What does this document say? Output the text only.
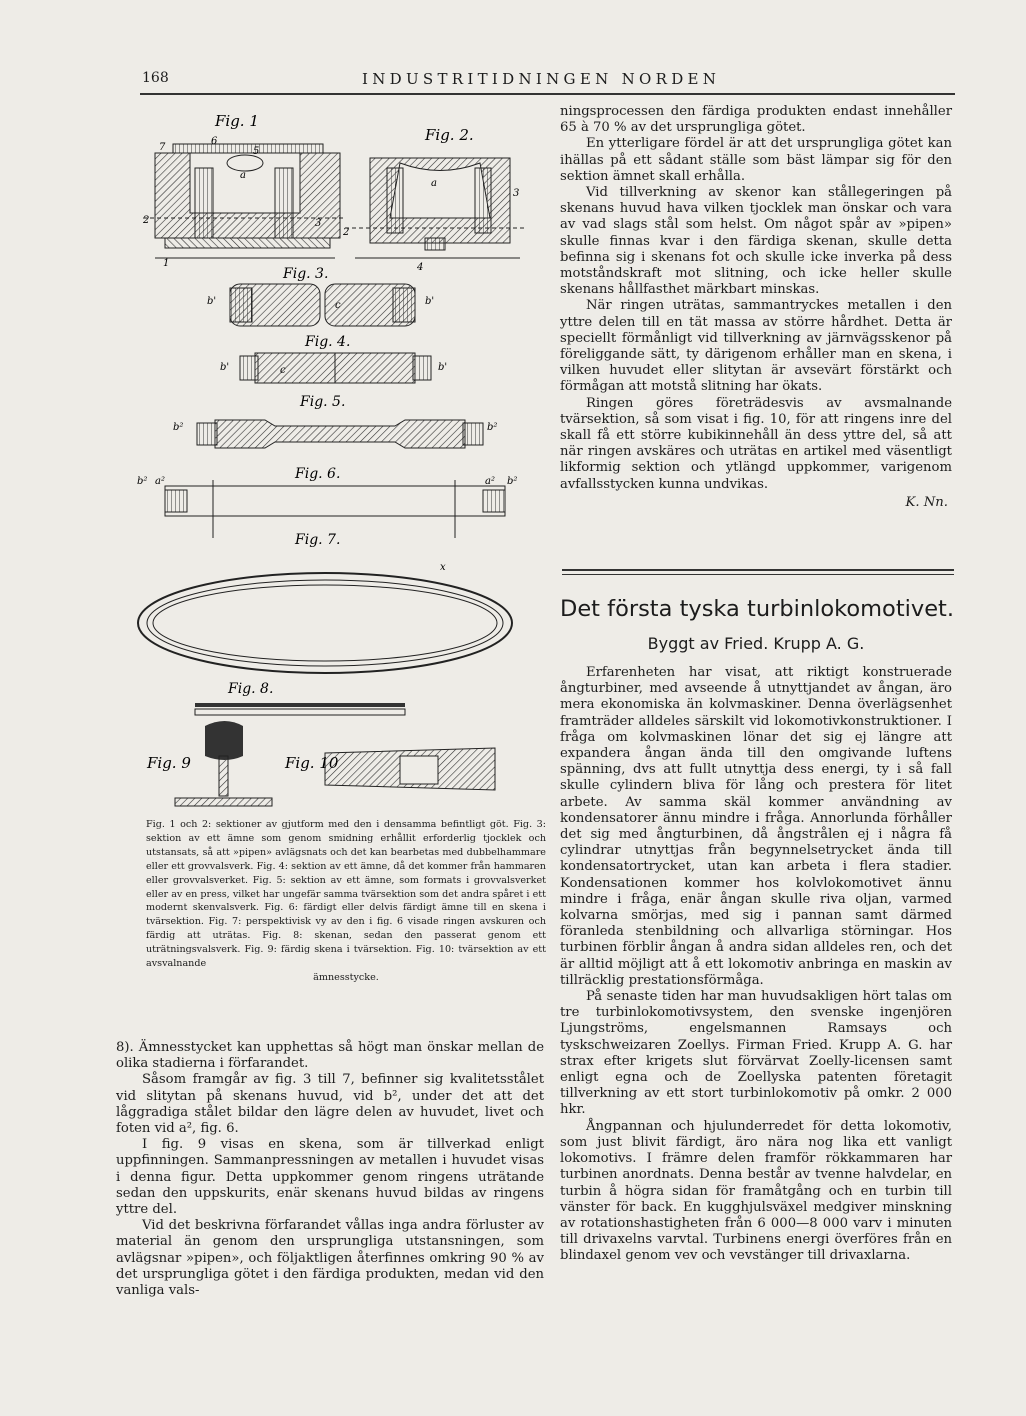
168	INDUSTRITIDNINGEN NORDEN
Fig. 1
7
6
5
a
2
1
3
Fig. 2.
a
3
2
4
Fig. 3.
b'	b'
c
Fig. 4.
c
b'	b'
Fig. 5.
b²	b²
Fig. 6.
b² a²	a² b²
Fig. 7.
x
Fig. 8.
Fig. 9	Fig. 10
Fig. 1 och 2: sektioner av gjutform med den i densamma befintligt göt. Fig. 3: sektion av ett ämne som genom smidning erhållit erforderlig tjocklek och utstansats, så att »pipen» avlägsnats och det kan bearbetas med dubbelhammare eller ett grovvalsverk. Fig. 4: sektion av ett ämne, då det kommer från hammaren eller grovvalsverket. Fig. 5: sektion av ett ämne, som formats i grovvalsverket eller av en press, vilket har ungefär samma tvärsektion som det andra spåret i ett modernt skenvalsverk. Fig. 6: färdigt eller delvis färdigt ämne till en skena i tvärsektion. Fig. 7: perspektivisk vy av den i fig. 6 visade ringen avskuren och färdig att uträtas. Fig. 8: skenan, sedan den passerat genom ett uträtningsvalsverk. Fig. 9: färdig skena i tvärsektion. Fig. 10: tvärsektion av ett avsvalnande
ämnesstycke.

8). Ämnesstycket kan upphettas så högt man önskar mellan de olika stadierna i förfarandet.

Såsom framgår av fig. 3 till 7, befinner sig kvalitetsstålet vid slitytan på skenans huvud, vid b², under det att det låggradiga stålet bildar den lägre delen av huvudet, livet och foten vid a², fig. 6.

I fig. 9 visas en skena, som är tillverkad enligt uppfinningen. Sammanpressningen av metallen i huvudet visas i denna figur. Detta uppkommer genom ringens uträtande sedan den uppskurits, enär skenans huvud bildas av ringens yttre del.

Vid det beskrivna förfarandet vållas inga andra förluster av material än genom den ursprungliga utstansningen, som avlägsnar »pipen», och följaktligen återfinnes omkring 90 % av det ursprungliga götet i den färdiga produkten, medan vid den vanliga vals-

ningsprocessen den färdiga produkten endast innehåller 65 à 70 % av det ursprungliga götet.

En ytterligare fördel är att det ursprungliga götet kan ihällas på ett sådant ställe som bäst lämpar sig för den sektion ämnet skall erhålla.

Vid tillverkning av skenor kan stållegeringen på skenans huvud hava vilken tjocklek man önskar och vara av vad slags stål som helst. Om något spår av »pipen» skulle finnas kvar i den färdiga skenan, skulle detta befinna sig i skenans fot och skulle icke inverka på dess motståndskraft mot slitning, och icke heller skulle skenans hållfasthet märkbart minskas.

När ringen uträtas, sammantryckes metallen i den yttre delen till en tät massa av större hårdhet. Detta är speciellt förmånligt vid tillverkning av järnvägsskenor på föreliggande sätt, ty därigenom erhåller man en skena, i vilken huvudet eller slitytan är avsevärt förstärkt och förmågan att motstå slitning har ökats.

Ringen göres företrädesvis av avsmalnande tvärsektion, så som visat i fig. 10, för att ringens inre del skall få ett större kubikinnehåll än dess yttre del, så att när ringen avskäres och uträtas en artikel med väsentligt likformig sektion och ytlängd uppkommer, varigenom avfallsstycken kunna undvikas.

K. Nn.
Det första tyska turbinlokomotivet.
Byggt av Fried. Krupp A. G.

Erfarenheten har visat, att riktigt konstruerade ångturbiner, med avseende å utnyttjandet av ångan, äro mera ekonomiska än kolvmaskiner. Denna överlägsenhet framträder alldeles särskilt vid lokomotivkonstruktioner. I fråga om kolvmaskinen lönar det sig ej längre att expandera ångan ända till den omgivande luftens spänning, dvs att fullt utnyttja dess energi, ty i så fall skulle cylindern bliva för lång och prestera för litet arbete. Av samma skäl kommer användning av kondensatorer ännu mindre i fråga. Annorlunda förhåller det sig med ångturbinen, då ångstrålen ej i några få cylindrar utnyttjas från begynnelsetrycket ända till kondensatortrycket, utan kan arbeta i flera stadier. Kondensationen kommer hos kolvlokomotivet ännu mindre i fråga, enär ångan skulle riva oljan, varmed kolvarna smörjas, med sig i pannan samt därmed föranleda stenbildning och allvarliga störningar. Hos turbinen förblir ångan å andra sidan alldeles ren, och det är alltid möjligt att å ett lokomotiv anbringa en maskin av tillräcklig prestationsförmåga.

På senaste tiden har man huvudsakligen hört talas om tre turbinlokomotivsystem, den svenske ingenjören Ljungströms, engelsmannen Ramsays och tyskschweizaren Zoellys. Firman Fried. Krupp A. G. har strax efter krigets slut förvärvat Zoelly-licensen samt enligt egna och de Zoellyska patenten företagit tillverkning av ett stort turbinlokomotiv på omkr. 2 000 hkr.

Ångpannan och hjulunderredet för detta lokomotiv, som just blivit färdigt, äro nära nog lika ett vanligt lokomotivs. I främre delen framför rökkammaren har turbinen anordnats. Denna består av tvenne halvdelar, en turbin å högra sidan för framåtgång och en turbin till vänster för back. En kugghjulsväxel medgiver minskning av rotationshastigheten från 6 000—8 000 varv i minuten till drivaxelns varvtal. Turbinens energi överföres från en blindaxel genom vev och vevstänger till drivaxlarna.
